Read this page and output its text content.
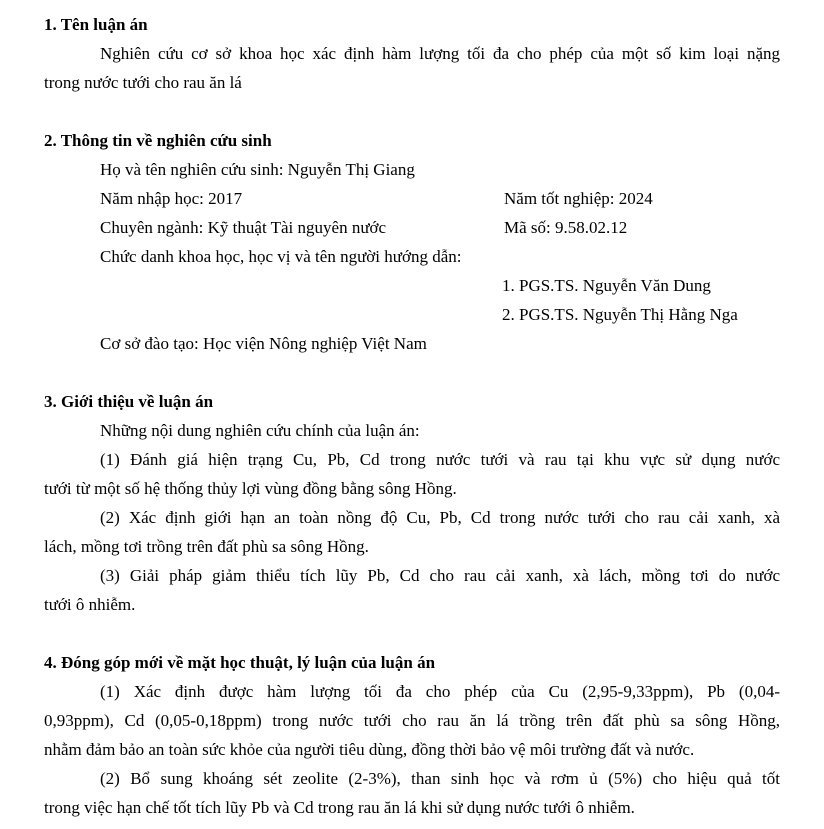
1. Tên luận án
Nghiên cứu cơ sở khoa học xác định hàm lượng tối đa cho phép của một số kim loại nặng
trong nước tưới cho rau ăn lá
2. Thông tin về nghiên cứu sinh
Họ và tên nghiên cứu sinh: Nguyễn Thị Giang
Năm nhập học: 2017	Năm tốt nghiệp: 2024
Chuyên ngành: Kỹ thuật Tài nguyên nước	Mã số: 9.58.02.12
Chức danh khoa học, học vị và tên người hướng dẫn:
1. PGS.TS. Nguyễn Văn Dung
2. PGS.TS. Nguyễn Thị Hằng Nga
Cơ sở đào tạo: Học viện Nông nghiệp Việt Nam
3. Giới thiệu về luận án
Những nội dung nghiên cứu chính của luận án:
(1) Đánh giá hiện trạng Cu, Pb, Cd trong nước tưới và rau tại khu vực sử dụng nước
tưới từ một số hệ thống thủy lợi vùng đồng bằng sông Hồng.
(2) Xác định giới hạn an toàn nồng độ Cu, Pb, Cd trong nước tưới cho rau cải xanh, xà
lách, mồng tơi trồng trên đất phù sa sông Hồng.
(3) Giải pháp giảm thiểu tích lũy Pb, Cd cho rau cải xanh, xà lách, mồng tơi do nước
tưới ô nhiễm.
4. Đóng góp mới về mặt học thuật, lý luận của luận án
(1) Xác định được hàm lượng tối đa cho phép của Cu (2,95-9,33ppm), Pb (0,04-
0,93ppm), Cd (0,05-0,18ppm) trong nước tưới cho rau ăn lá trồng trên đất phù sa sông Hồng,
nhằm đảm bảo an toàn sức khỏe của người tiêu dùng, đồng thời bảo vệ môi trường đất và nước.
(2) Bổ sung khoáng sét zeolite (2-3%), than sinh học và rơm ủ (5%) cho hiệu quả tốt
trong việc hạn chế tốt tích lũy Pb và Cd trong rau ăn lá khi sử dụng nước tưới ô nhiễm.
